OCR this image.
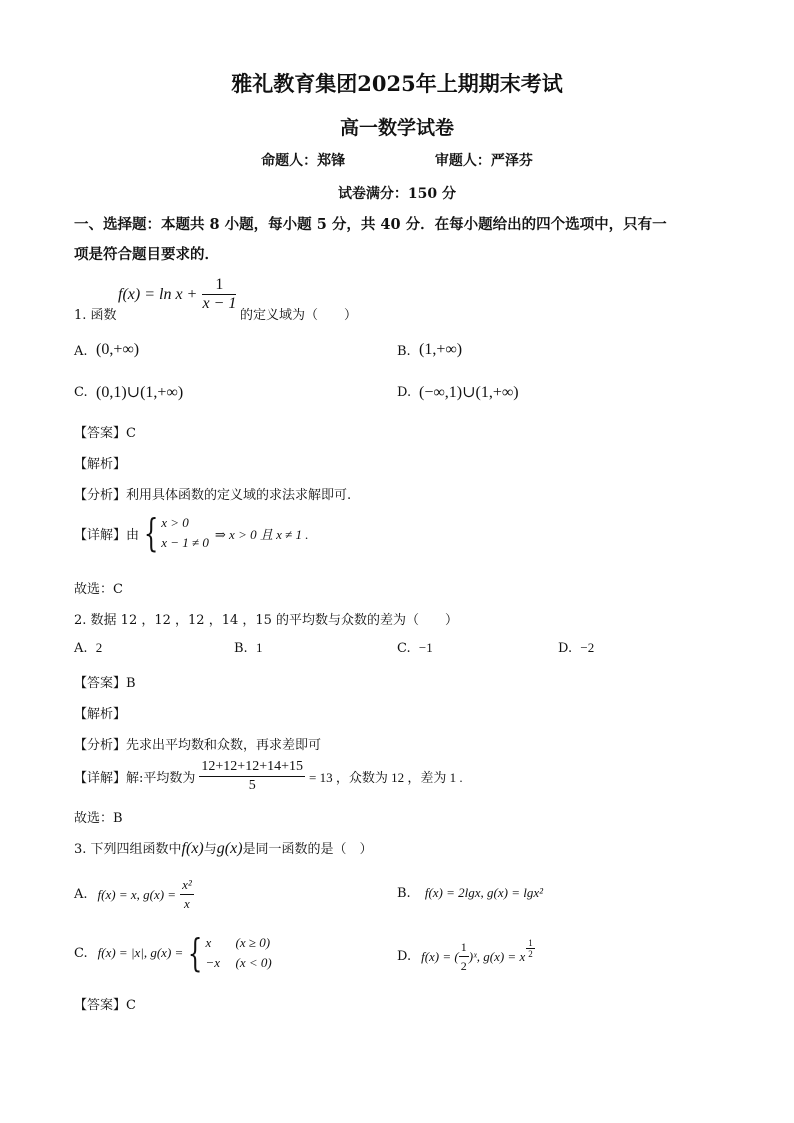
雅礼教育集团2025年上期期末考试
高一数学试卷
命题人：郑锋	审题人：严泽芬
试卷满分：150 分
一、选择题：本题共 8 小题，每小题 5 分，共 40 分．在每小题给出的四个选项中，只有一
项是符合题目要求的．
1. 函数
$f(x) = \ln x + \frac{1}{x - 1}$
的定义域为（　　）
A. (0,+∞)	B. (1,+∞)
C. (0,1)∪(1,+∞)	D. (−∞,1)∪(1,+∞)
【答案】C
【解析】
【分析】利用具体函数的定义域的求法求解即可.
【详解】 由 { x > 0
x − 1 ≠ 0
⇒ x > 0 且 x ≠ 1 .
故选：C
2. 数据 12 ，12 ，12 ，14 ，15 的平均数与众数的差为（　　）
A. 2	B. 1	C. −1	D. −2
【答案】B
【解析】
【分析】先求出平均数和众数，再求差即可
【详解】 解:平均数为 $\frac{12+12+12+14+15}{5} = 13$ ，众数为 12 ，差为 1 .
故选：B
3. 下列四组函数中f(x)与g(x)是同一函数的是（　）
A. f(x) = x, $g(x) = \frac{\text{x²}}{x}$	B. f(x) = 2lgx, g(x) = lgx²
C. f(x) = |x|, g(x) = { x (x ≥ 0)
−x (x < 0)	D. f(x) = ( $\frac{1}{2}$ )ˣ, g(x) = x $\frac{1}{2}$
【答案】C
